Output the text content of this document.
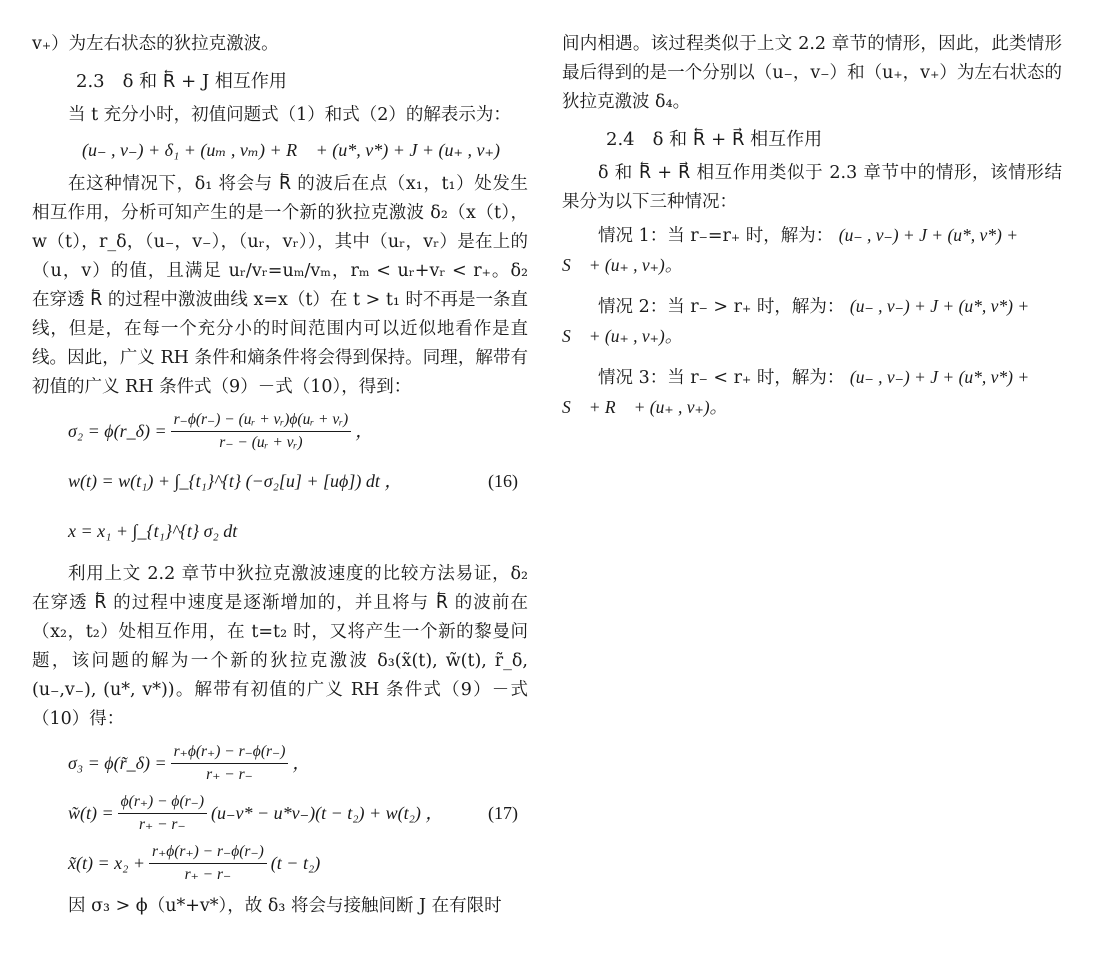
v₊）为左右状态的狄拉克激波。

2.3　δ 和 R⃖ + J 相互作用

当 t 充分小时，初值问题式（1）和式（2）的解表示为：

(u₋ , v₋) + δ₁ + (uₘ , vₘ) + R⃖ + (u*, v*) + J + (u₊ , v₊)

在这种情况下，δ₁ 将会与 R⃖ 的波后在点（x₁，t₁）处发生相互作用，分析可知产生的是一个新的狄拉克激波 δ₂（x（t），w（t），r_δ，（u₋，v₋），（uᵣ，vᵣ）），其中（uᵣ，vᵣ）是在上的（u，v）的值，且满足 uᵣ/vᵣ=uₘ/vₘ，rₘ < uᵣ+vᵣ < r₊。δ₂ 在穿透 R⃖ 的过程中激波曲线 x=x（t）在 t > t₁ 时不再是一条直线，但是，在每一个充分小的时间范围内可以近似地看作是直线。因此，广义 RH 条件和熵条件将会得到保持。同理，解带有初值的广义 RH 条件式（9）－式（10），得到：

σ₂ = ϕ(r_δ) = $\frac{\text{r₋ϕ(r₋) − (uᵣ + vᵣ)ϕ(uᵣ + vᵣ)}}{\text{r₋ − (uᵣ + vᵣ)}}$ ，
w(t) = w(t₁) + ∫_{t₁}^{t} (−σ₂[u] + [uϕ]) dt ，	(16)
x = x₁ + ∫_{t₁}^{t} σ₂ dt

利用上文 2.2 章节中狄拉克激波速度的比较方法易证，δ₂ 在穿透 R⃖ 的过程中速度是逐渐增加的，并且将与 R⃖ 的波前在（x₂，t₂）处相互作用，在 t=t₂ 时，又将产生一个新的黎曼问题，该问题的解为一个新的狄拉克激波 δ₃(x̃(t), w̃(t), r̃_δ, (u₋,v₋), (u*, v*))。解带有初值的广义 RH 条件式（9）－式（10）得：

σ₃ = ϕ(r̃_δ) = $\frac{r_+\phi(r_+) - r_-\phi(r_-)}{r_+ - r_-}$ ，
w̃(t) = $\frac{\phi(r_+) - \phi(r_-)}{r_+ - r_-} (u_-v* - u*v_-)(t - t_2) + w(t_2)$ ， (17)
x̃(t) = $x_2 + \frac{r_+\phi(r_+) - r_-\phi(r_-)}{r_+ - r_-} (t - t_2)$

因 σ₃ > ϕ（u*+v*），故 δ₃ 将会与接触间断 J 在有限时

间内相遇。该过程类似于上文 2.2 章节的情形，因此，此类情形最后得到的是一个分别以（u₋，v₋）和（u₊，v₊）为左右状态的狄拉克激波 δ₄。

2.4　δ 和 R⃖ + R⃗ 相互作用

δ 和 R⃖ + R⃗ 相互作用类似于 2.3 章节中的情形，该情形结果分为以下三种情况：

情况 1：当 r₋=r₊ 时，解为： (u₋ , v₋) + J + (u*, v*) +
S⃗ + (u₊ , v₊)。
情况 2：当 r₋ > r₊ 时，解为： (u₋ , v₋) + J + (u*, v*) +
S⃗ + (u₊ , v₊)。
情况 3：当 r₋ < r₊ 时，解为： (u₋ , v₋) + J + (u*, v*) +
S⃗ + R⃗ + (u₊ , v₊)。
